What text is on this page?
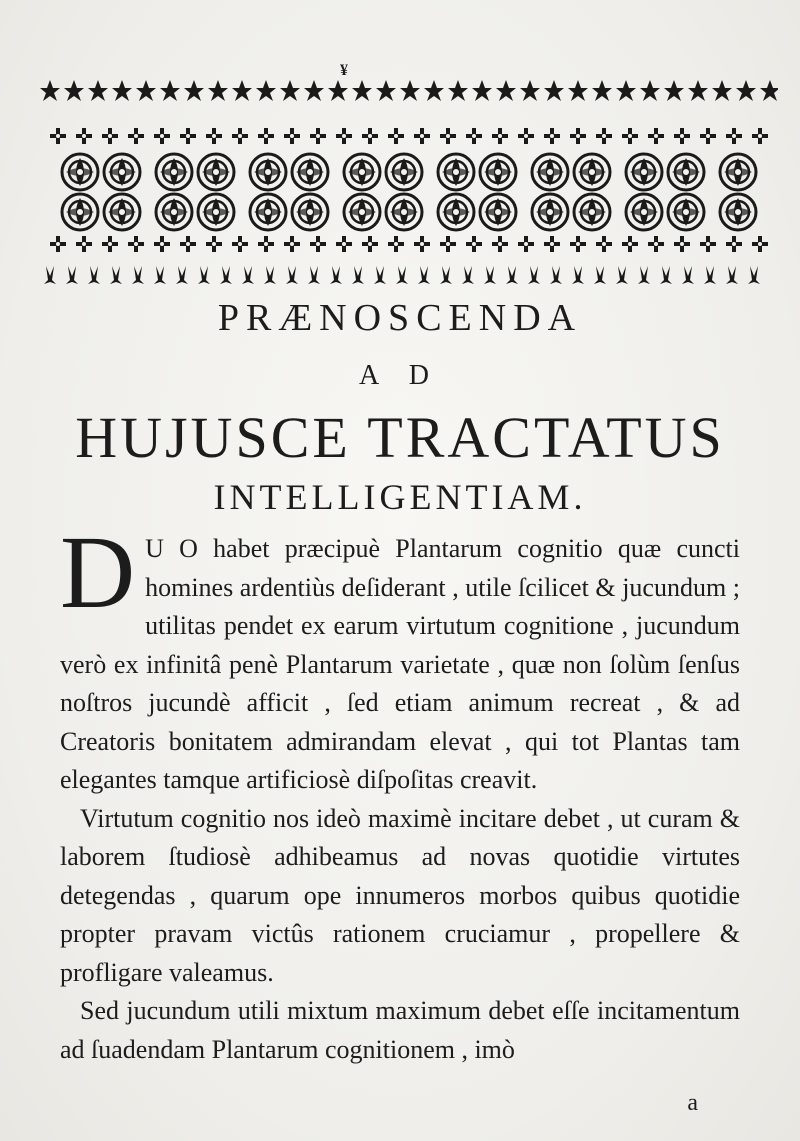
¥
PRÆNOSCENDA
A D
HUJUSCE TRACTATUS
INTELLIGENTIAM.

D U O habet præcipuè Plantarum cognitio quæ cuncti homines ardentiùs deſiderant , utile ſcilicet & jucundum ; utilitas pendet ex earum virtutum cognitione , jucundum verò ex infinitâ penè Plantarum varietate , quæ non ſolùm ſenſus noſtros jucundè afficit , ſed etiam animum recreat , & ad Creatoris bonitatem admirandam elevat , qui tot Plantas tam elegantes tamque artificiosè diſpoſitas creavit.

Virtutum cognitio nos ideò maximè incitare debet , ut curam & laborem ſtudiosè adhibeamus ad novas quotidie virtutes detegendas , quarum ope innumeros morbos quibus quotidie propter pravam victûs rationem cruciamur , propellere & profligare valeamus.

Sed jucundum utili mixtum maximum debet eſſe incitamentum ad ſuadendam Plantarum cognitionem , imò

a
